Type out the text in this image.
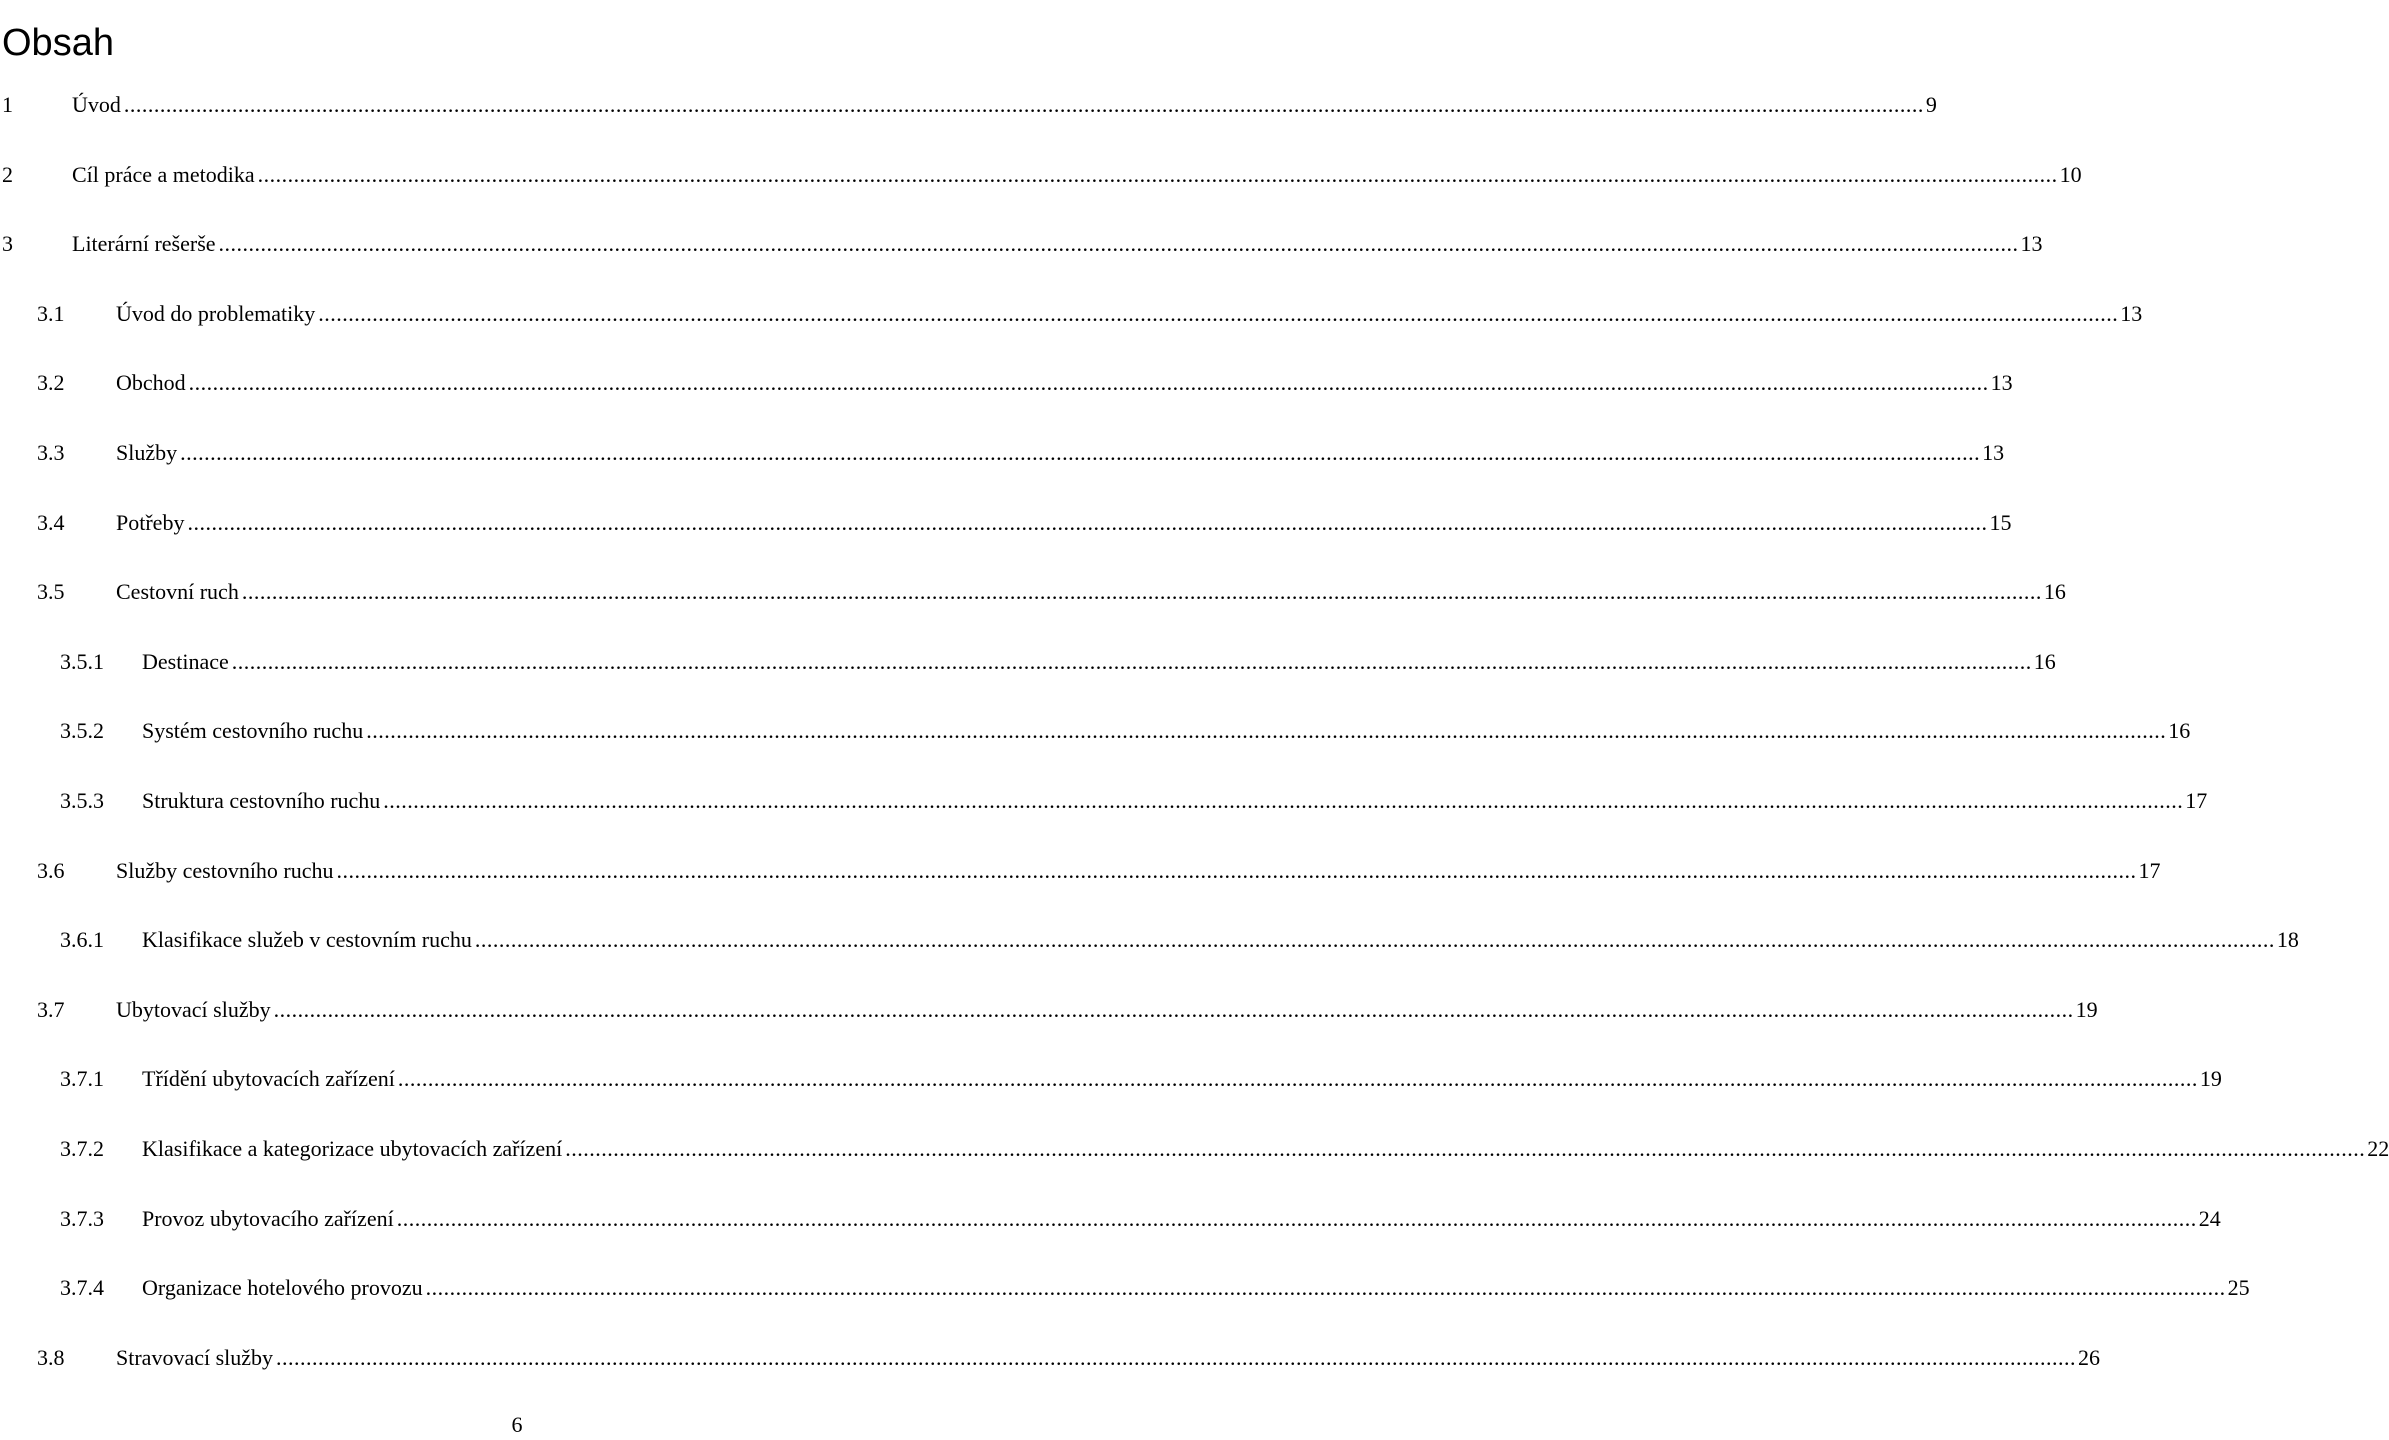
Obsah
1	Úvod ............................................................................................................................................................................................................................................................................................................ 9
2	Cíl práce a metodika ............................................................................................................................................................................................................................................................................................................ 10
3	Literární rešerše ............................................................................................................................................................................................................................................................................................................ 13
3.1	Úvod do problematiky ............................................................................................................................................................................................................................................................................................................ 13
3.2	Obchod ............................................................................................................................................................................................................................................................................................................ 13
3.3	Služby ............................................................................................................................................................................................................................................................................................................ 13
3.4	Potřeby ............................................................................................................................................................................................................................................................................................................ 15
3.5	Cestovní ruch ............................................................................................................................................................................................................................................................................................................ 16
3.5.1	Destinace ............................................................................................................................................................................................................................................................................................................ 16
3.5.2	Systém cestovního ruchu ............................................................................................................................................................................................................................................................................................................ 16
3.5.3	Struktura cestovního ruchu ............................................................................................................................................................................................................................................................................................................ 17
3.6	Služby cestovního ruchu ............................................................................................................................................................................................................................................................................................................ 17
3.6.1	Klasifikace služeb v cestovním ruchu ............................................................................................................................................................................................................................................................................................................ 18
3.7	Ubytovací služby ............................................................................................................................................................................................................................................................................................................ 19
3.7.1	Třídění ubytovacích zařízení ............................................................................................................................................................................................................................................................................................................ 19
3.7.2	Klasifikace a kategorizace ubytovacích zařízení ............................................................................................................................................................................................................................................................................................................ 22
3.7.3	Provoz ubytovacího zařízení ............................................................................................................................................................................................................................................................................................................ 24
3.7.4	Organizace hotelového provozu ............................................................................................................................................................................................................................................................................................................ 25
3.8	Stravovací služby ............................................................................................................................................................................................................................................................................................................ 26
6
